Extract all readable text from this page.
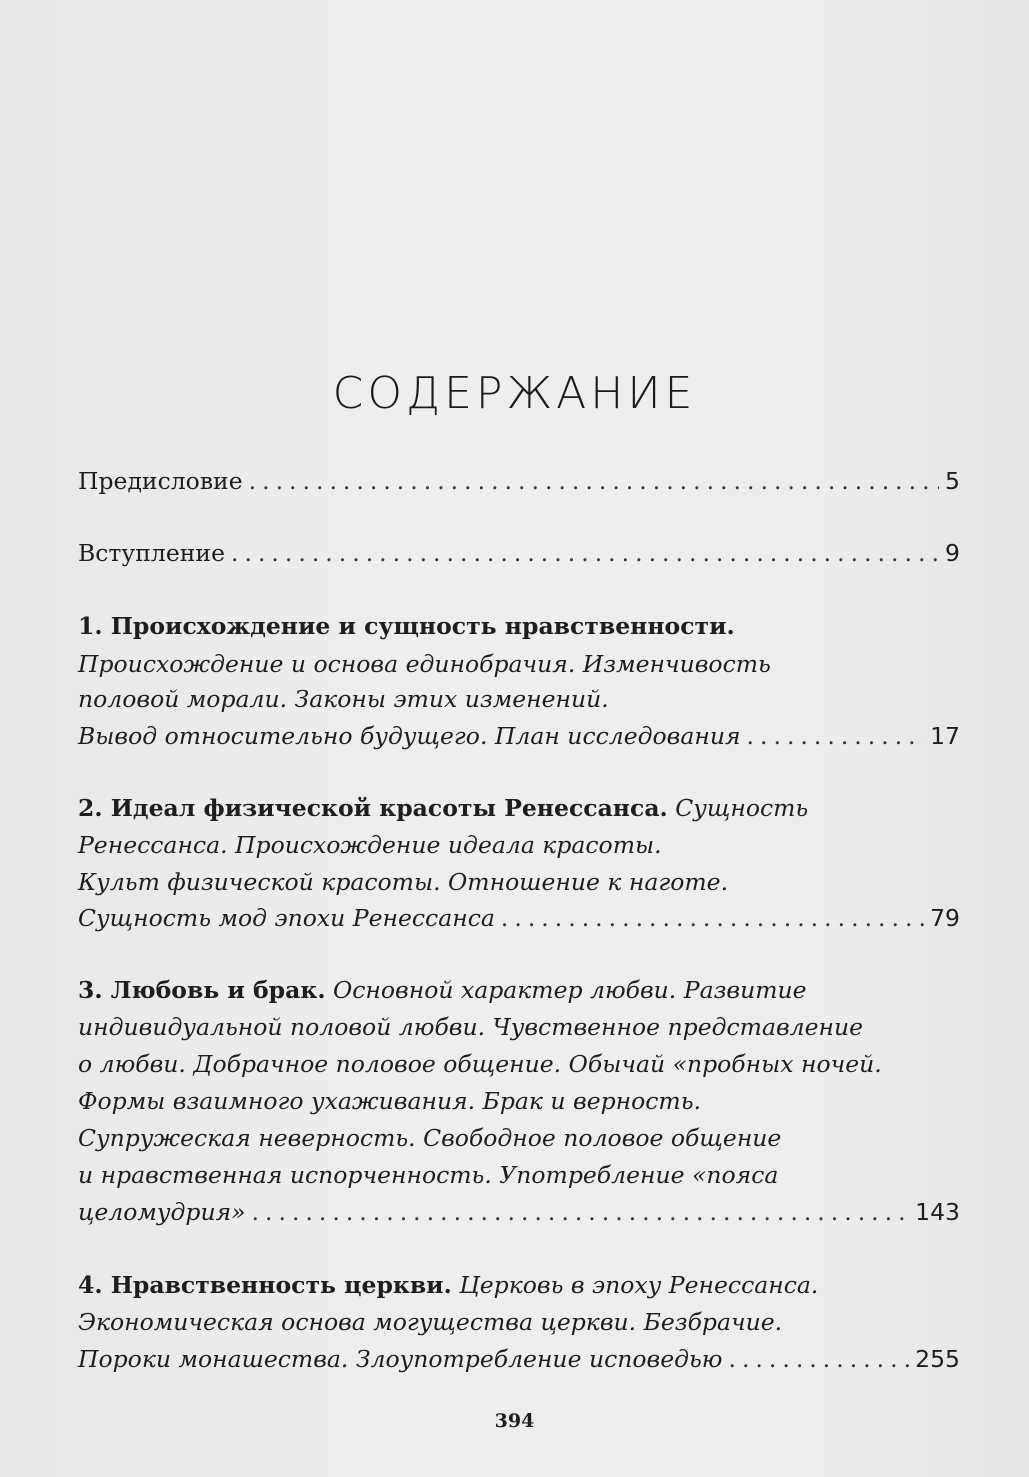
СОДЕРЖАНИЕ
Предисловие .....	5
Вступление .....	9
1. Происхождение и сущность нравственности.
Происхождение и основа единобрачия. Изменчивость
половой морали. Законы этих изменений.
Вывод относительно будущего. План исследования .....	17
2. Идеал физической красоты Ренессанса. Сущность
Ренессанса. Происхождение идеала красоты.
Культ физической красоты. Отношение к наготе.
Сущность мод эпохи Ренессанса .....	79
3. Любовь и брак. Основной характер любви. Развитие
индивидуальной половой любви. Чувственное представление
о любви. Добрачное половое общение. Обычай «пробных ночей.
Формы взаимного ухаживания. Брак и верность.
Супружеская неверность. Свободное половое общение
и нравственная испорченность. Употребление «пояса
целомудрия» .....	143
4. Нравственность церкви. Церковь в эпоху Ренессанса.
Экономическая основа могущества церкви. Безбрачие.
Пороки монашества. Злоупотребление исповедью .....	255
394
